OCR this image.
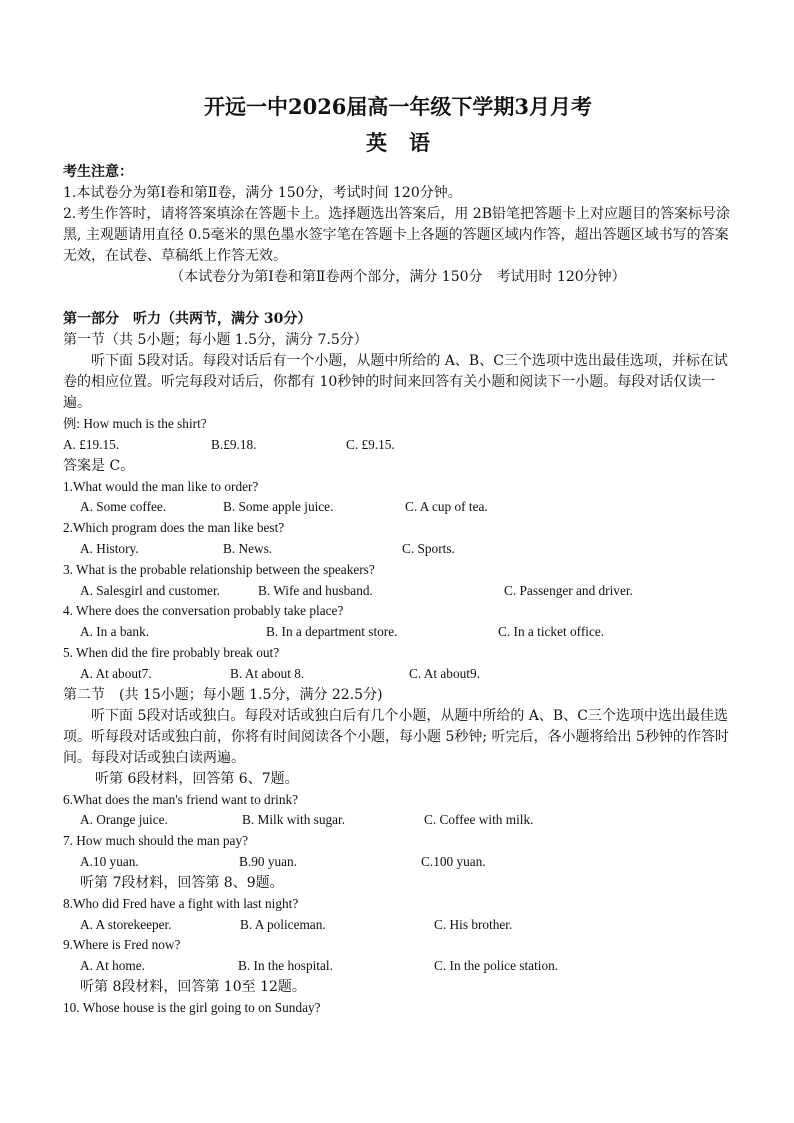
开远一中2026届高一年级下学期3月月考
英语
考生注意：
1.本试卷分为第Ⅰ卷和第Ⅱ卷，满分 150分，考试时间 120分钟。
2.考生作答时，请将答案填涂在答题卡上。选择题选出答案后，用 2B铅笔把答题卡上对应题目的答案标号涂黑, 主观题请用直径 0.5毫米的黑色墨水签字笔在答题卡上各题的答题区域内作答，超出答题区域书写的答案无效，在试卷、草稿纸上作答无效。
（本试卷分为第Ⅰ卷和第Ⅱ卷两个部分，满分 150分　考试用时 120分钟）
第一部分　听力（共两节，满分 30分）
第一节（共 5小题；每小题 1.5分，满分 7.5分）
听下面 5段对话。每段对话后有一个小题，从题中所给的 A、B、C三个选项中选出最佳选项，并标在试卷的相应位置。听完每段对话后，你都有 10秒钟的时间来回答有关小题和阅读下一小题。每段对话仅读一遍。
例: How much is the shirt?
A. £19.15.	B.£9.18.	C. £9.15.
答案是 C。
1.What would the man like to order?
A. Some coffee.	B. Some apple juice.	C. A cup of tea.
2.Which program does the man like best?
A. History.	B. News.	C. Sports.
3. What is the probable relationship between the speakers?
A. Salesgirl and customer.	B. Wife and husband.	C. Passenger and driver.
4. Where does the conversation probably take place?
A. In a bank.	B. In a department store.	C. In a ticket office.
5. When did the fire probably break out?
A. At about7.	B. At about 8.	C. At about9.
第二节　(共 15小题；每小题 1.5分，满分 22.5分)
听下面 5段对话或独白。每段对话或独白后有几个小题，从题中所给的 A、B、C三个选项中选出最佳选项。听每段对话或独白前，你将有时间阅读各个小题，每小题 5秒钟; 听完后，各小题将给出 5秒钟的作答时间。每段对话或独白读两遍。
听第 6段材料，回答第 6、7题。
6.What does the man's friend want to drink?
A. Orange juice.	B. Milk with sugar.	C. Coffee with milk.
7. How much should the man pay?
A.10 yuan.	B.90 yuan.	C.100 yuan.
听第 7段材料，回答第 8、9题。
8.Who did Fred have a fight with last night?
A. A storekeeper.	B. A policeman.	C. His brother.
9.Where is Fred now?
A. At home.	B. In the hospital.	C. In the police station.
听第 8段材料，回答第 10至 12题。
10. Whose house is the girl going to on Sunday?
